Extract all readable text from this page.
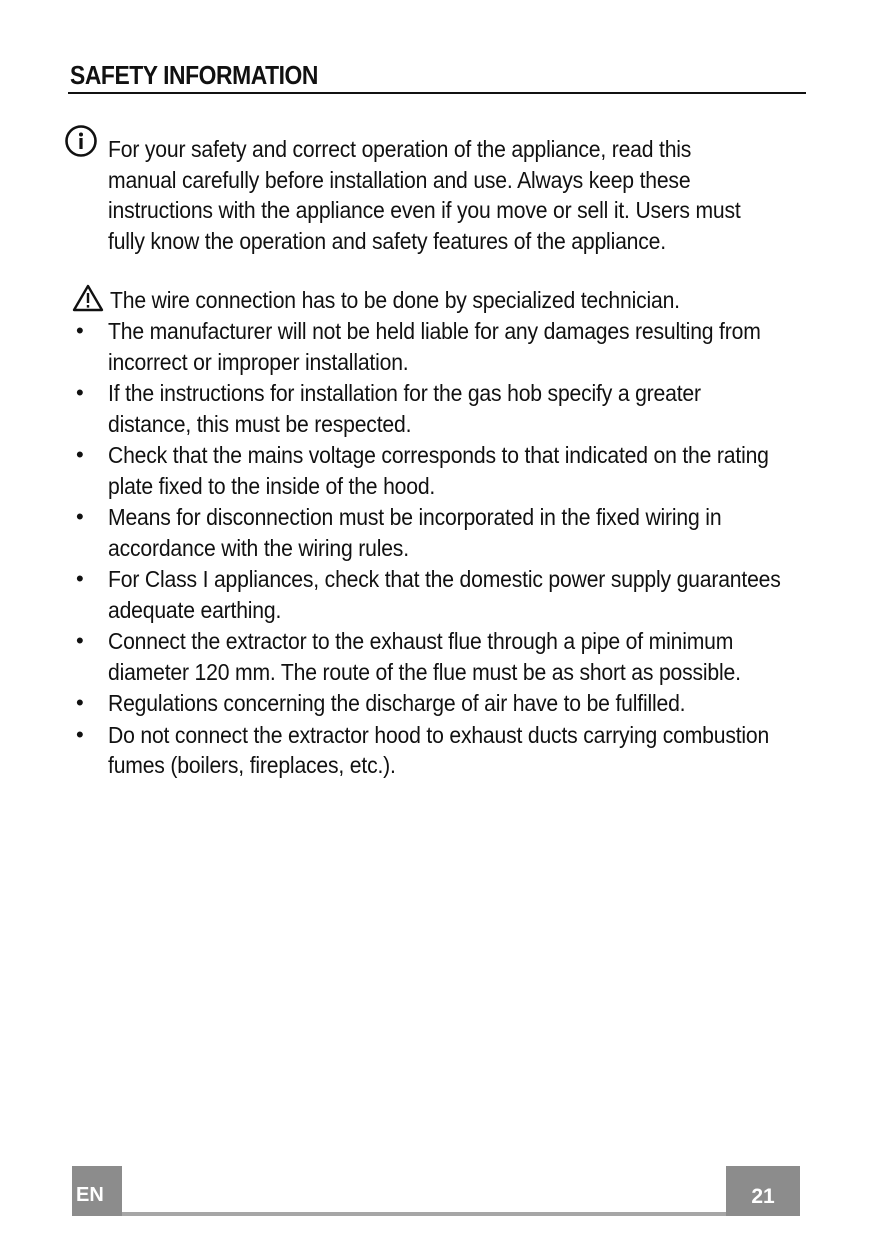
SAFETY INFORMATION
For your safety and correct operation of the appliance, read this manual carefully before installation and use. Always keep these instructions with the appliance even if you move or sell it. Users must fully know the operation and safety features of the appliance.
The wire connection has to be done by specialized technician.
• The manufacturer will not be held liable for any damages resulting from incorrect or improper installation.
• If the instructions for installation for the gas hob specify a greater distance, this must be respected.
• Check that the mains voltage corresponds to that indicated on the rating plate fixed to the inside of the hood.
• Means for disconnection must be incorporated in the fixed wiring in accordance with the wiring rules.
• For Class I appliances, check that the domestic power supply guarantees adequate earthing.
• Connect the extractor to the exhaust flue through a pipe of minimum diameter 120 mm. The route of the flue must be as short as possible.
• Regulations concerning the discharge of air have to be fulfilled.
• Do not connect the extractor hood to exhaust ducts carrying combustion fumes (boilers, fireplaces, etc.).
EN	21
